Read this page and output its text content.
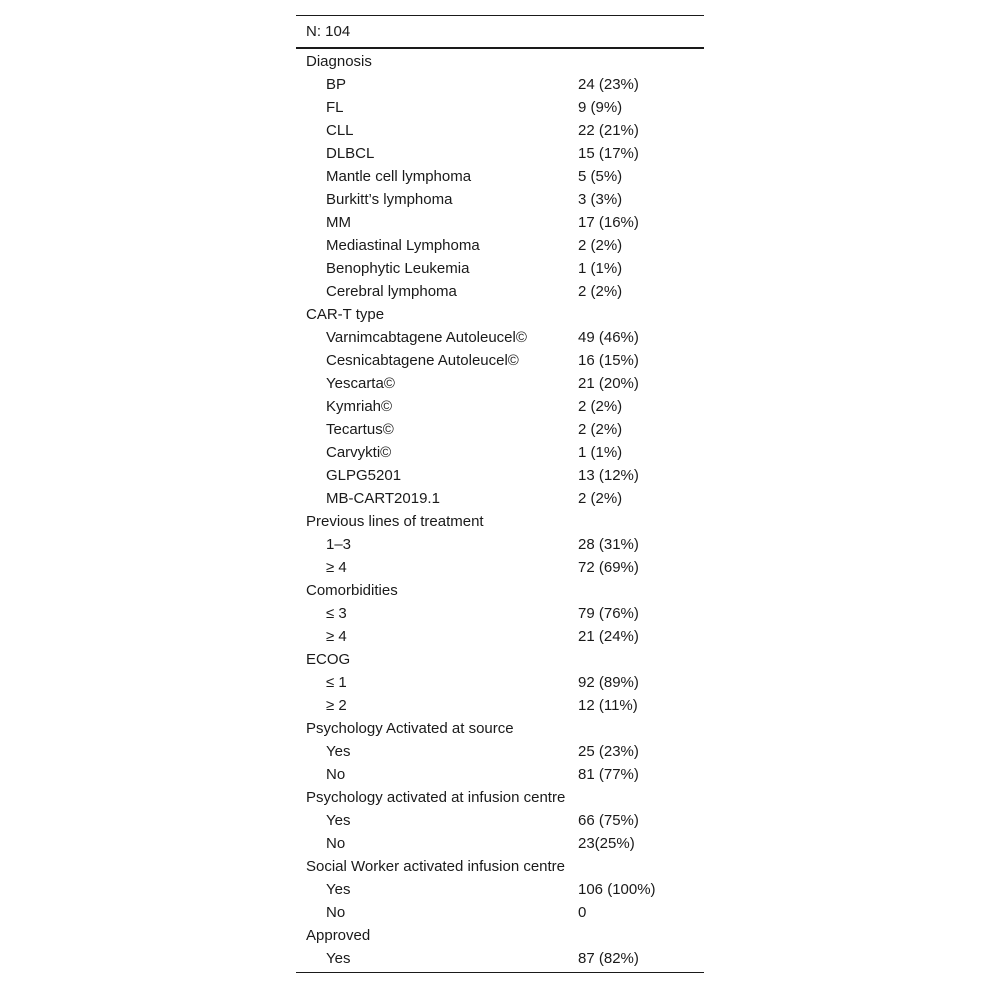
N: 104
Diagnosis
BP	24 (23%)
FL	9 (9%)
CLL	22 (21%)
DLBCL	15 (17%)
Mantle cell lymphoma	5 (5%)
Burkitt’s lymphoma	3 (3%)
MM	17 (16%)
Mediastinal Lymphoma	2 (2%)
Benophytic Leukemia	1 (1%)
Cerebral lymphoma	2 (2%)
CAR-T type
Varnimcabtagene Autoleucel©	49 (46%)
Cesnicabtagene Autoleucel©	16 (15%)
Yescarta©	21 (20%)
Kymriah©	2 (2%)
Tecartus©	2 (2%)
Carvykti©	1 (1%)
GLPG5201	13 (12%)
MB-CART2019.1	2 (2%)
Previous lines of treatment
1–3	28 (31%)
≥ 4	72 (69%)
Comorbidities
≤ 3	79 (76%)
≥ 4	21 (24%)
ECOG
≤ 1	92 (89%)
≥ 2	12 (11%)
Psychology Activated at source
Yes	25 (23%)
No	81 (77%)
Psychology activated at infusion centre
Yes	66 (75%)
No	23(25%)
Social Worker activated infusion centre
Yes	106 (100%)
No	0
Approved
Yes	87 (82%)
